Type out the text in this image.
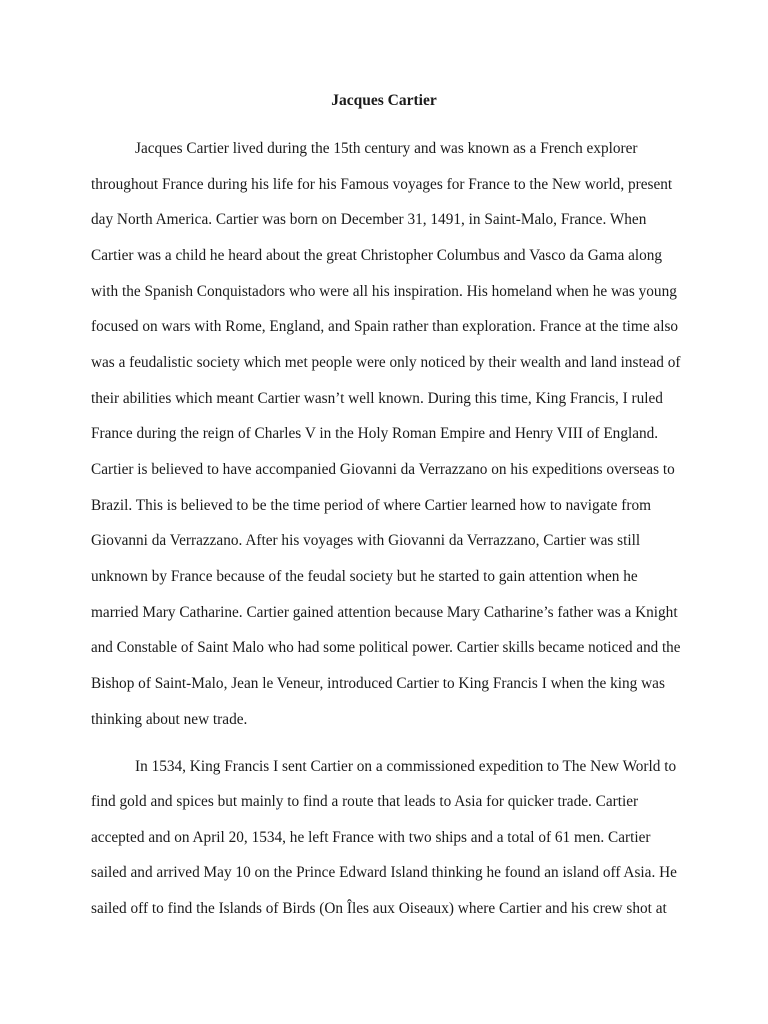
Jacques Cartier

Jacques Cartier lived during the 15th century and was known as a French explorer

throughout France during his life for his Famous voyages for France to the New world, present

day North America. Cartier was born on December 31, 1491, in Saint-Malo, France. When

Cartier was a child he heard about the great Christopher Columbus and Vasco da Gama along

with the Spanish Conquistadors who were all his inspiration. His homeland when he was young

focused on wars with Rome, England, and Spain rather than exploration. France at the time also

was a feudalistic society which met people were only noticed by their wealth and land instead of

their abilities which meant Cartier wasn’t well known. During this time, King Francis, I ruled

France during the reign of Charles V in the Holy Roman Empire and Henry VIII of England.

Cartier is believed to have accompanied Giovanni da Verrazzano on his expeditions overseas to

Brazil. This is believed to be the time period of where Cartier learned how to navigate from

Giovanni da Verrazzano. After his voyages with Giovanni da Verrazzano, Cartier was still

unknown by France because of the feudal society but he started to gain attention when he

married Mary Catharine. Cartier gained attention because Mary Catharine’s father was a Knight

and Constable of Saint Malo who had some political power. Cartier skills became noticed and the

Bishop of Saint-Malo, Jean le Veneur, introduced Cartier to King Francis I when the king was

thinking about new trade.

In 1534, King Francis I sent Cartier on a commissioned expedition to The New World to

find gold and spices but mainly to find a route that leads to Asia for quicker trade. Cartier

accepted and on April 20, 1534, he left France with two ships and a total of 61 men. Cartier

sailed and arrived May 10 on the Prince Edward Island thinking he found an island off Asia. He

sailed off to find the Islands of Birds (On Îles aux Oiseaux) where Cartier and his crew shot at
